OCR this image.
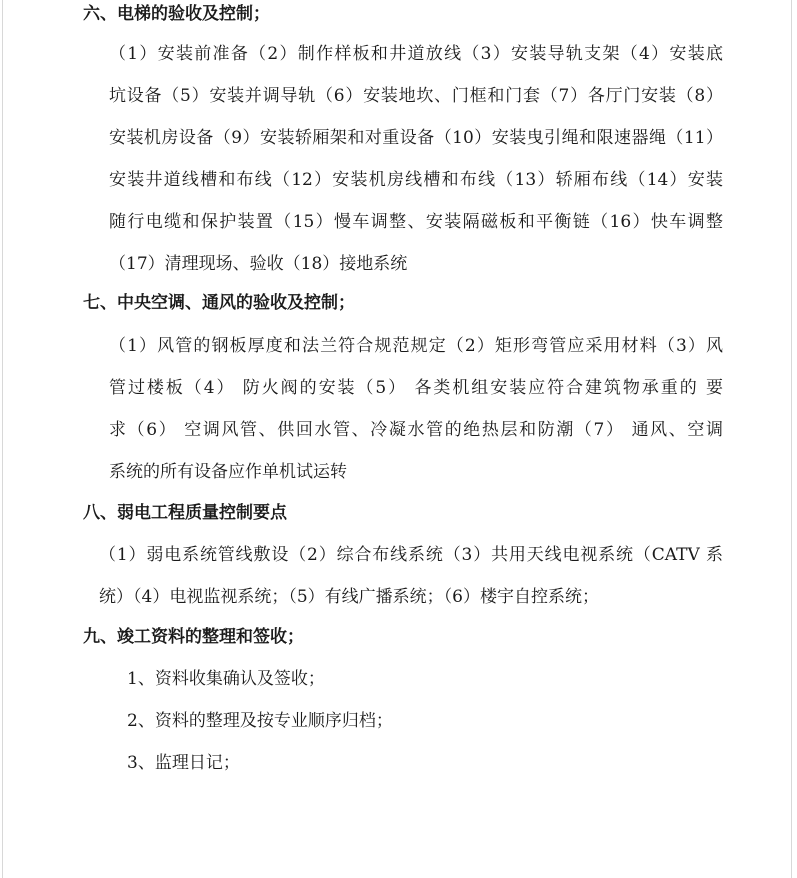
六、电梯的验收及控制；
（1）安装前准备（2）制作样板和井道放线（3）安装导轨支架（4）安装底
坑设备（5）安装并调导轨（6）安装地坎、门框和门套（7）各厅门安装（8）
安装机房设备（9）安装轿厢架和对重设备（10）安装曳引绳和限速器绳（11）
安装井道线槽和布线（12）安装机房线槽和布线（13）轿厢布线（14）安装
随行电缆和保护装置（15）慢车调整、安装隔磁板和平衡链（16）快车调整
（17）清理现场、验收（18）接地系统
七、中央空调、通风的验收及控制；
（1）风管的钢板厚度和法兰符合规范规定（2）矩形弯管应采用材料（3）风
管过楼板（4） 防火阀的安装（5） 各类机组安装应符合建筑物承重的 要
求（6） 空调风管、供回水管、冷凝水管的绝热层和防潮（7） 通风、空调
系统的所有设备应作单机试运转
八、弱电工程质量控制要点
（1）弱电系统管线敷设（2）综合布线系统（3）共用天线电视系统（CATV 系
统）（4）电视监视系统；（5）有线广播系统；（6）楼宇自控系统；
九、竣工资料的整理和签收；
1、资料收集确认及签收；
2、资料的整理及按专业顺序归档；
3、监理日记；
